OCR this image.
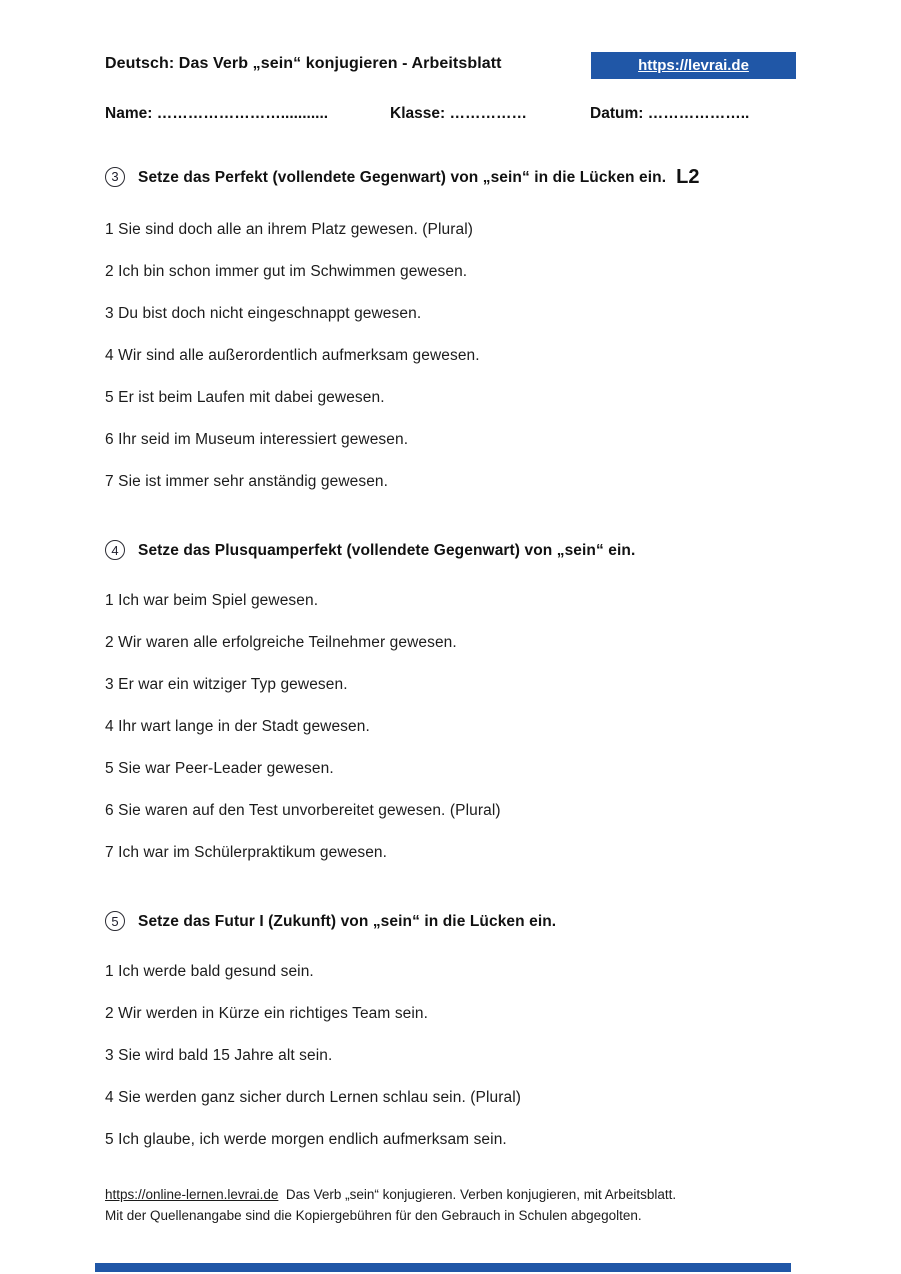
Deutsch: Das Verb „sein“ konjugieren - Arbeitsblatt	https://levrai.de
Name: ……………………...........	Klasse: ……………	Datum: ………………..
3	Setze das Perfekt (vollendete Gegenwart) von „sein“ in die Lücken ein. L2

1 Sie sind doch alle an ihrem Platz gewesen. (Plural)

2 Ich bin schon immer gut im Schwimmen gewesen.

3 Du bist doch nicht eingeschnappt gewesen.

4 Wir sind alle außerordentlich aufmerksam gewesen.

5 Er ist beim Laufen mit dabei gewesen.

6 Ihr seid im Museum interessiert gewesen.

7 Sie ist immer sehr anständig gewesen.

4	Setze das Plusquamperfekt (vollendete Gegenwart) von „sein“ ein.

1 Ich war beim Spiel gewesen.

2 Wir waren alle erfolgreiche Teilnehmer gewesen.

3 Er war ein witziger Typ gewesen.

4 Ihr wart lange in der Stadt gewesen.

5 Sie war Peer-Leader gewesen.

6 Sie waren auf den Test unvorbereitet gewesen. (Plural)

7 Ich war im Schülerpraktikum gewesen.

5	Setze das Futur I (Zukunft) von „sein“ in die Lücken ein.

1 Ich werde bald gesund sein.

2 Wir werden in Kürze ein richtiges Team sein.

3 Sie wird bald 15 Jahre alt sein.

4 Sie werden ganz sicher durch Lernen schlau sein. (Plural)

5 Ich glaube, ich werde morgen endlich aufmerksam sein.

https://online-lernen.levrai.de Das Verb „sein“ konjugieren. Verben konjugieren, mit Arbeitsblatt.
Mit der Quellenangabe sind die Kopiergebühren für den Gebrauch in Schulen abgegolten.
